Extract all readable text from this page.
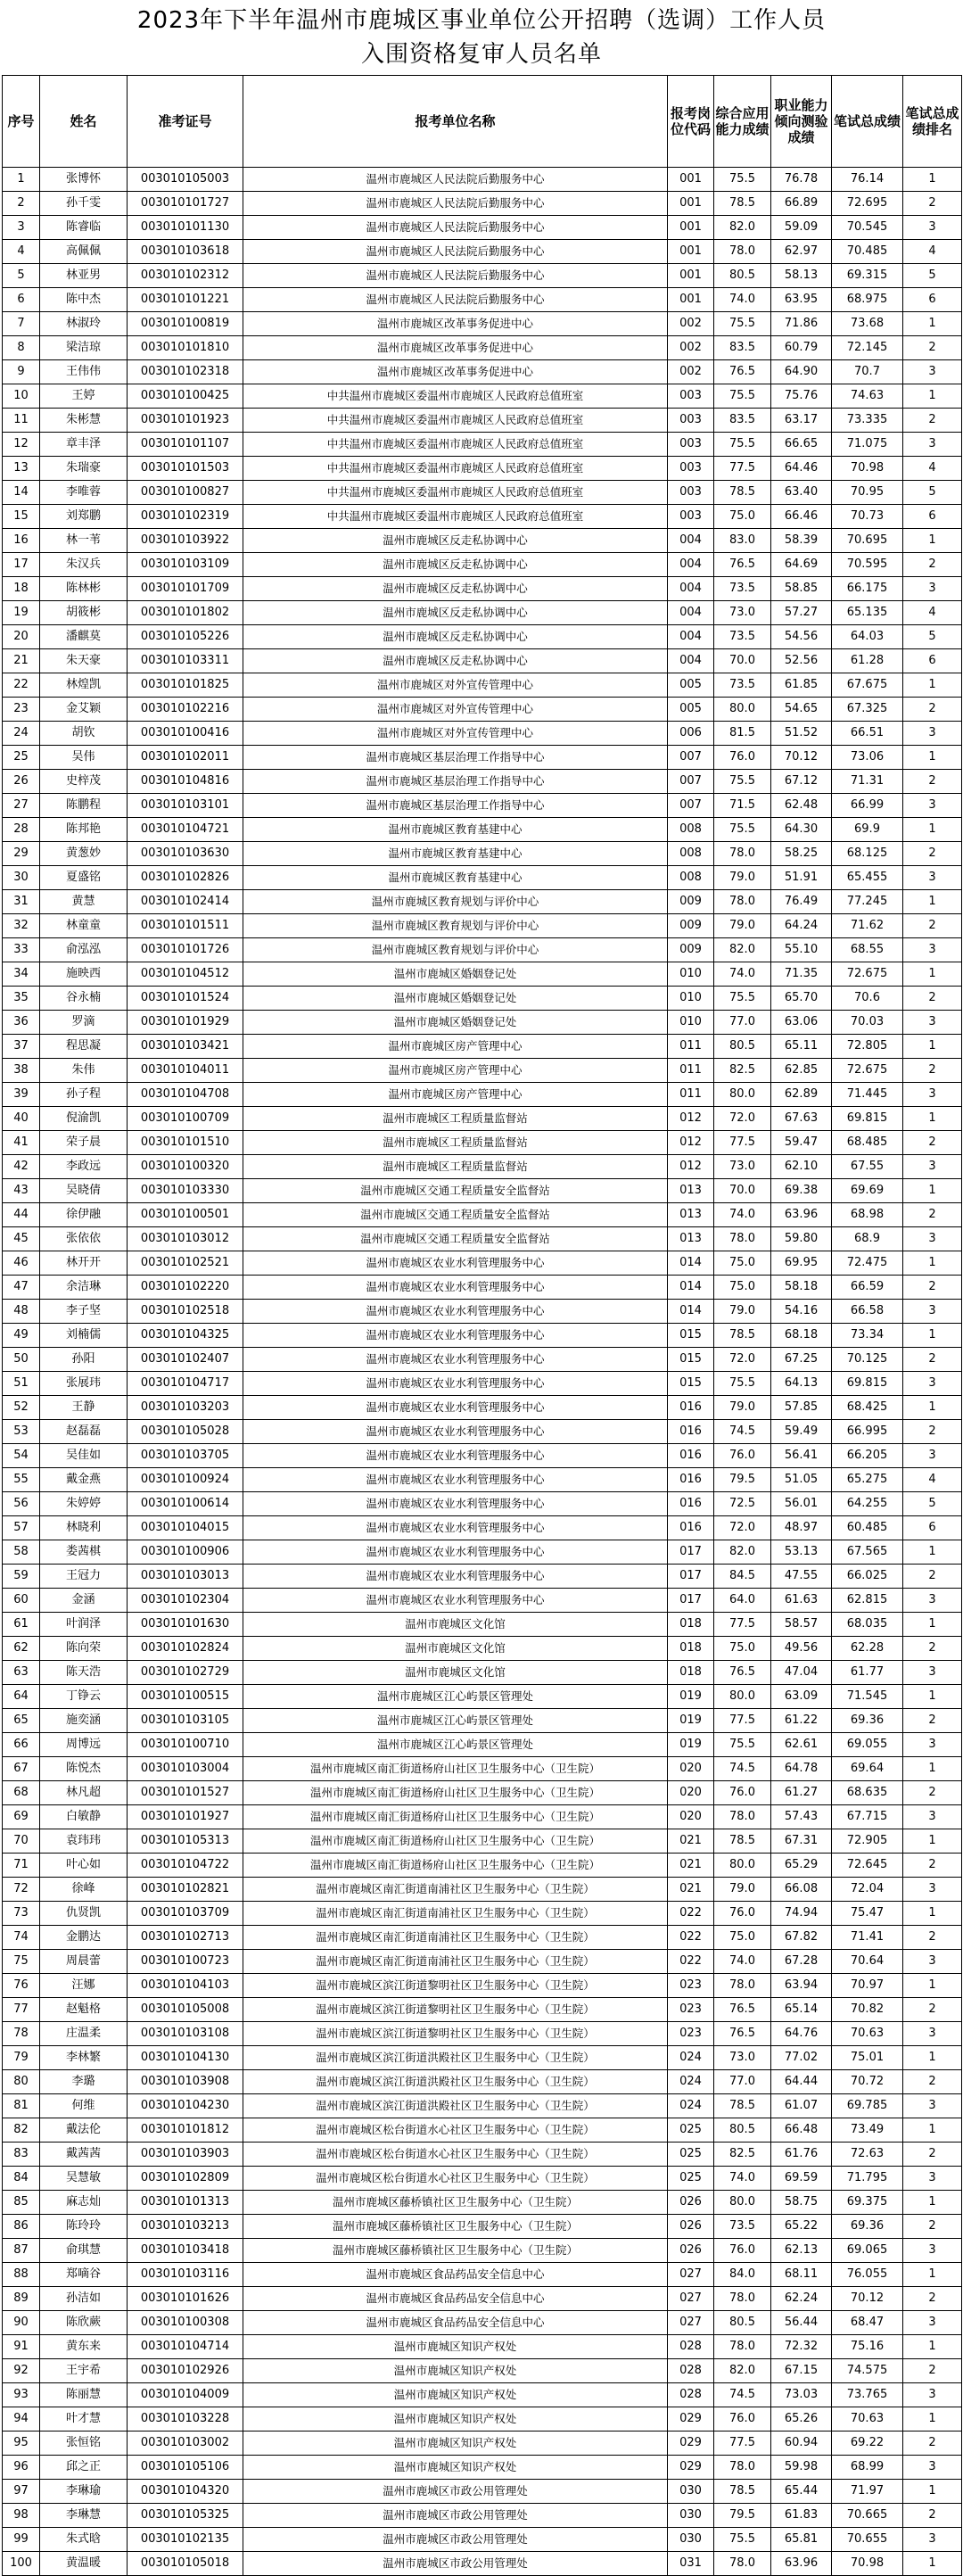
2023年下半年温州市鹿城区事业单位公开招聘（选调）工作人员
入围资格复审人员名单
序号	姓名	准考证号	报考单位名称	报考岗位代码	综合应用能力成绩	职业能力倾向测验成绩	笔试总成绩	笔试总成绩排名
1	张博怀	003010105003	温州市鹿城区人民法院后勤服务中心	001	75.5	76.78	76.14	1
2	孙千雯	003010101727	温州市鹿城区人民法院后勤服务中心	001	78.5	66.89	72.695	2
3	陈睿临	003010101130	温州市鹿城区人民法院后勤服务中心	001	82.0	59.09	70.545	3
4	高佩佩	003010103618	温州市鹿城区人民法院后勤服务中心	001	78.0	62.97	70.485	4
5	林亚男	003010102312	温州市鹿城区人民法院后勤服务中心	001	80.5	58.13	69.315	5
6	陈中杰	003010101221	温州市鹿城区人民法院后勤服务中心	001	74.0	63.95	68.975	6
7	林淑玲	003010100819	温州市鹿城区改革事务促进中心	002	75.5	71.86	73.68	1
8	梁洁琼	003010101810	温州市鹿城区改革事务促进中心	002	83.5	60.79	72.145	2
9	王伟伟	003010102318	温州市鹿城区改革事务促进中心	002	76.5	64.90	70.7	3
10	王婷	003010100425	中共温州市鹿城区委温州市鹿城区人民政府总值班室	003	75.5	75.76	74.63	1
11	朱彬慧	003010101923	中共温州市鹿城区委温州市鹿城区人民政府总值班室	003	83.5	63.17	73.335	2
12	章丰泽	003010101107	中共温州市鹿城区委温州市鹿城区人民政府总值班室	003	75.5	66.65	71.075	3
13	朱瑞豪	003010101503	中共温州市鹿城区委温州市鹿城区人民政府总值班室	003	77.5	64.46	70.98	4
14	李唯蓉	003010100827	中共温州市鹿城区委温州市鹿城区人民政府总值班室	003	78.5	63.40	70.95	5
15	刘郑鹏	003010102319	中共温州市鹿城区委温州市鹿城区人民政府总值班室	003	75.0	66.46	70.73	6
16	林一苇	003010103922	温州市鹿城区反走私协调中心	004	83.0	58.39	70.695	1
17	朱汉兵	003010103109	温州市鹿城区反走私协调中心	004	76.5	64.69	70.595	2
18	陈林彬	003010101709	温州市鹿城区反走私协调中心	004	73.5	58.85	66.175	3
19	胡筱彬	003010101802	温州市鹿城区反走私协调中心	004	73.0	57.27	65.135	4
20	潘麒莫	003010105226	温州市鹿城区反走私协调中心	004	73.5	54.56	64.03	5
21	朱天豪	003010103311	温州市鹿城区反走私协调中心	004	70.0	52.56	61.28	6
22	林煌凯	003010101825	温州市鹿城区对外宣传管理中心	005	73.5	61.85	67.675	1
23	金艾颖	003010102216	温州市鹿城区对外宣传管理中心	005	80.0	54.65	67.325	2
24	胡钦	003010100416	温州市鹿城区对外宣传管理中心	006	81.5	51.52	66.51	3
25	吴伟	003010102011	温州市鹿城区基层治理工作指导中心	007	76.0	70.12	73.06	1
26	史梓茂	003010104816	温州市鹿城区基层治理工作指导中心	007	75.5	67.12	71.31	2
27	陈鹏程	003010103101	温州市鹿城区基层治理工作指导中心	007	71.5	62.48	66.99	3
28	陈邦艳	003010104721	温州市鹿城区教育基建中心	008	75.5	64.30	69.9	1
29	黄葱妙	003010103630	温州市鹿城区教育基建中心	008	78.0	58.25	68.125	2
30	夏盛铭	003010102826	温州市鹿城区教育基建中心	008	79.0	51.91	65.455	3
31	黄慧	003010102414	温州市鹿城区教育规划与评价中心	009	78.0	76.49	77.245	1
32	林童童	003010101511	温州市鹿城区教育规划与评价中心	009	79.0	64.24	71.62	2
33	俞泓泓	003010101726	温州市鹿城区教育规划与评价中心	009	82.0	55.10	68.55	3
34	施映西	003010104512	温州市鹿城区婚姻登记处	010	74.0	71.35	72.675	1
35	谷永楠	003010101524	温州市鹿城区婚姻登记处	010	75.5	65.70	70.6	2
36	罗滴	003010101929	温州市鹿城区婚姻登记处	010	77.0	63.06	70.03	3
37	程思凝	003010103421	温州市鹿城区房产管理中心	011	80.5	65.11	72.805	1
38	朱伟	003010104011	温州市鹿城区房产管理中心	011	82.5	62.85	72.675	2
39	孙子程	003010104708	温州市鹿城区房产管理中心	011	80.0	62.89	71.445	3
40	倪渝凯	003010100709	温州市鹿城区工程质量监督站	012	72.0	67.63	69.815	1
41	荣子晨	003010101510	温州市鹿城区工程质量监督站	012	77.5	59.47	68.485	2
42	李政远	003010100320	温州市鹿城区工程质量监督站	012	73.0	62.10	67.55	3
43	吴晓倩	003010103330	温州市鹿城区交通工程质量安全监督站	013	70.0	69.38	69.69	1
44	徐伊融	003010100501	温州市鹿城区交通工程质量安全监督站	013	74.0	63.96	68.98	2
45	张依依	003010103012	温州市鹿城区交通工程质量安全监督站	013	78.0	59.80	68.9	3
46	林开开	003010102521	温州市鹿城区农业水利管理服务中心	014	75.0	69.95	72.475	1
47	余洁琳	003010102220	温州市鹿城区农业水利管理服务中心	014	75.0	58.18	66.59	2
48	李子坚	003010102518	温州市鹿城区农业水利管理服务中心	014	79.0	54.16	66.58	3
49	刘楠儒	003010104325	温州市鹿城区农业水利管理服务中心	015	78.5	68.18	73.34	1
50	孙阳	003010102407	温州市鹿城区农业水利管理服务中心	015	72.0	67.25	70.125	2
51	张展玮	003010104717	温州市鹿城区农业水利管理服务中心	015	75.5	64.13	69.815	3
52	王静	003010103203	温州市鹿城区农业水利管理服务中心	016	79.0	57.85	68.425	1
53	赵磊磊	003010105028	温州市鹿城区农业水利管理服务中心	016	74.5	59.49	66.995	2
54	吴佳如	003010103705	温州市鹿城区农业水利管理服务中心	016	76.0	56.41	66.205	3
55	戴金燕	003010100924	温州市鹿城区农业水利管理服务中心	016	79.5	51.05	65.275	4
56	朱婷婷	003010100614	温州市鹿城区农业水利管理服务中心	016	72.5	56.01	64.255	5
57	林晓利	003010104015	温州市鹿城区农业水利管理服务中心	016	72.0	48.97	60.485	6
58	娄茜棋	003010100906	温州市鹿城区农业水利管理服务中心	017	82.0	53.13	67.565	1
59	王冠力	003010103013	温州市鹿城区农业水利管理服务中心	017	84.5	47.55	66.025	2
60	金涵	003010102304	温州市鹿城区农业水利管理服务中心	017	64.0	61.63	62.815	3
61	叶润泽	003010101630	温州市鹿城区文化馆	018	77.5	58.57	68.035	1
62	陈向荣	003010102824	温州市鹿城区文化馆	018	75.0	49.56	62.28	2
63	陈天浩	003010102729	温州市鹿城区文化馆	018	76.5	47.04	61.77	3
64	丁铮云	003010100515	温州市鹿城区江心屿景区管理处	019	80.0	63.09	71.545	1
65	施奕涵	003010103105	温州市鹿城区江心屿景区管理处	019	77.5	61.22	69.36	2
66	周博远	003010100710	温州市鹿城区江心屿景区管理处	019	75.5	62.61	69.055	3
67	陈悦杰	003010103004	温州市鹿城区南汇街道杨府山社区卫生服务中心（卫生院）	020	74.5	64.78	69.64	1
68	林凡超	003010101527	温州市鹿城区南汇街道杨府山社区卫生服务中心（卫生院）	020	76.0	61.27	68.635	2
69	白敏静	003010101927	温州市鹿城区南汇街道杨府山社区卫生服务中心（卫生院）	020	78.0	57.43	67.715	3
70	袁玮玮	003010105313	温州市鹿城区南汇街道杨府山社区卫生服务中心（卫生院）	021	78.5	67.31	72.905	1
71	叶心如	003010104722	温州市鹿城区南汇街道杨府山社区卫生服务中心（卫生院）	021	80.0	65.29	72.645	2
72	徐峰	003010102821	温州市鹿城区南汇街道南浦社区卫生服务中心（卫生院）	021	79.0	66.08	72.04	3
73	仇贤凯	003010103709	温州市鹿城区南汇街道南浦社区卫生服务中心（卫生院）	022	76.0	74.94	75.47	1
74	金鹏达	003010102713	温州市鹿城区南汇街道南浦社区卫生服务中心（卫生院）	022	75.0	67.82	71.41	2
75	周晨蕾	003010100723	温州市鹿城区南汇街道南浦社区卫生服务中心（卫生院）	022	74.0	67.28	70.64	3
76	汪娜	003010104103	温州市鹿城区滨江街道黎明社区卫生服务中心（卫生院）	023	78.0	63.94	70.97	1
77	赵魁格	003010105008	温州市鹿城区滨江街道黎明社区卫生服务中心（卫生院）	023	76.5	65.14	70.82	2
78	庄温柔	003010103108	温州市鹿城区滨江街道黎明社区卫生服务中心（卫生院）	023	76.5	64.76	70.63	3
79	李林繁	003010104130	温州市鹿城区滨江街道洪殿社区卫生服务中心（卫生院）	024	73.0	77.02	75.01	1
80	李璐	003010103908	温州市鹿城区滨江街道洪殿社区卫生服务中心（卫生院）	024	77.0	64.44	70.72	2
81	何维	003010104230	温州市鹿城区滨江街道洪殿社区卫生服务中心（卫生院）	024	78.5	61.07	69.785	3
82	戴法伦	003010101812	温州市鹿城区松台街道水心社区卫生服务中心（卫生院）	025	80.5	66.48	73.49	1
83	戴茜茜	003010103903	温州市鹿城区松台街道水心社区卫生服务中心（卫生院）	025	82.5	61.76	72.63	2
84	吴慧敏	003010102809	温州市鹿城区松台街道水心社区卫生服务中心（卫生院）	025	74.0	69.59	71.795	3
85	麻志灿	003010101313	温州市鹿城区藤桥镇社区卫生服务中心（卫生院）	026	80.0	58.75	69.375	1
86	陈玲玲	003010103213	温州市鹿城区藤桥镇社区卫生服务中心（卫生院）	026	73.5	65.22	69.36	2
87	俞琪慧	003010103418	温州市鹿城区藤桥镇社区卫生服务中心（卫生院）	026	76.0	62.13	69.065	3
88	郑嘀谷	003010103116	温州市鹿城区食品药品安全信息中心	027	84.0	68.11	76.055	1
89	孙洁如	003010101626	温州市鹿城区食品药品安全信息中心	027	78.0	62.24	70.12	2
90	陈欣蕨	003010100308	温州市鹿城区食品药品安全信息中心	027	80.5	56.44	68.47	3
91	黄东来	003010104714	温州市鹿城区知识产权处	028	78.0	72.32	75.16	1
92	王宇希	003010102926	温州市鹿城区知识产权处	028	82.0	67.15	74.575	2
93	陈丽慧	003010104009	温州市鹿城区知识产权处	028	74.5	73.03	73.765	3
94	叶才慧	003010103228	温州市鹿城区知识产权处	029	76.0	65.26	70.63	1
95	张恒铭	003010103002	温州市鹿城区知识产权处	029	77.5	60.94	69.22	2
96	邱之正	003010105106	温州市鹿城区知识产权处	029	78.0	59.98	68.99	3
97	李琳瑜	003010104320	温州市鹿城区市政公用管理处	030	78.5	65.44	71.97	1
98	李琳慧	003010105325	温州市鹿城区市政公用管理处	030	79.5	61.83	70.665	2
99	朱式晗	003010102135	温州市鹿城区市政公用管理处	030	75.5	65.81	70.655	3
100	黄温暖	003010105018	温州市鹿城区市政公用管理处	031	78.0	63.96	70.98	1
